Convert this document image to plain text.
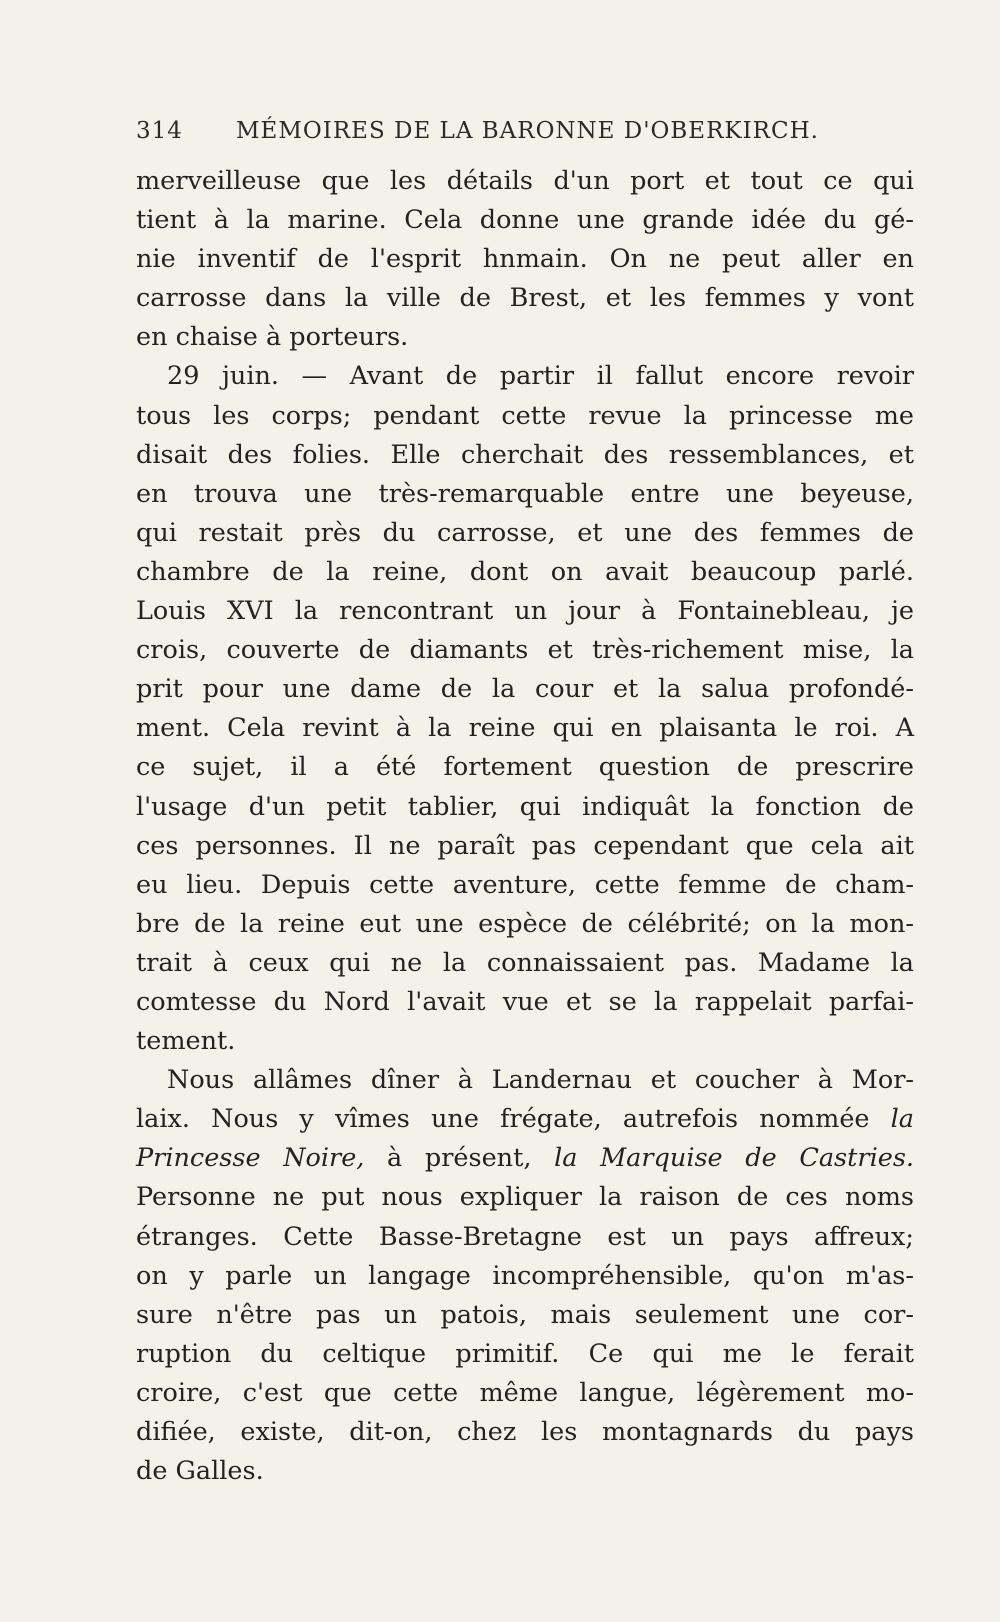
314 MÉMOIRES DE LA BARONNE D'OBERKIRCH.
merveilleuse que les détails d'un port et tout ce qui
tient à la marine. Cela donne une grande idée du gé-
nie inventif de l'esprit hnmain. On ne peut aller en
carrosse dans la ville de Brest, et les femmes y vont
en chaise à porteurs.
29 juin. — Avant de partir il fallut encore revoir
tous les corps; pendant cette revue la princesse me
disait des folies. Elle cherchait des ressemblances, et
en trouva une très-remarquable entre une beyeuse,
qui restait près du carrosse, et une des femmes de
chambre de la reine, dont on avait beaucoup parlé.
Louis XVI la rencontrant un jour à Fontainebleau, je
crois, couverte de diamants et très-richement mise, la
prit pour une dame de la cour et la salua profondé-
ment. Cela revint à la reine qui en plaisanta le roi. A
ce sujet, il a été fortement question de prescrire
l'usage d'un petit tablier, qui indiquât la fonction de
ces personnes. Il ne paraît pas cependant que cela ait
eu lieu. Depuis cette aventure, cette femme de cham-
bre de la reine eut une espèce de célébrité; on la mon-
trait à ceux qui ne la connaissaient pas. Madame la
comtesse du Nord l'avait vue et se la rappelait parfai-
tement.
Nous allâmes dîner à Landernau et coucher à Mor-
laix. Nous y vîmes une frégate, autrefois nommée la
Princesse Noire, à présent, la Marquise de Castries.
Personne ne put nous expliquer la raison de ces noms
étranges. Cette Basse-Bretagne est un pays affreux;
on y parle un langage incompréhensible, qu'on m'as-
sure n'être pas un patois, mais seulement une cor-
ruption du celtique primitif. Ce qui me le ferait
croire, c'est que cette même langue, légèrement mo-
difiée, existe, dit-on, chez les montagnards du pays
de Galles.
